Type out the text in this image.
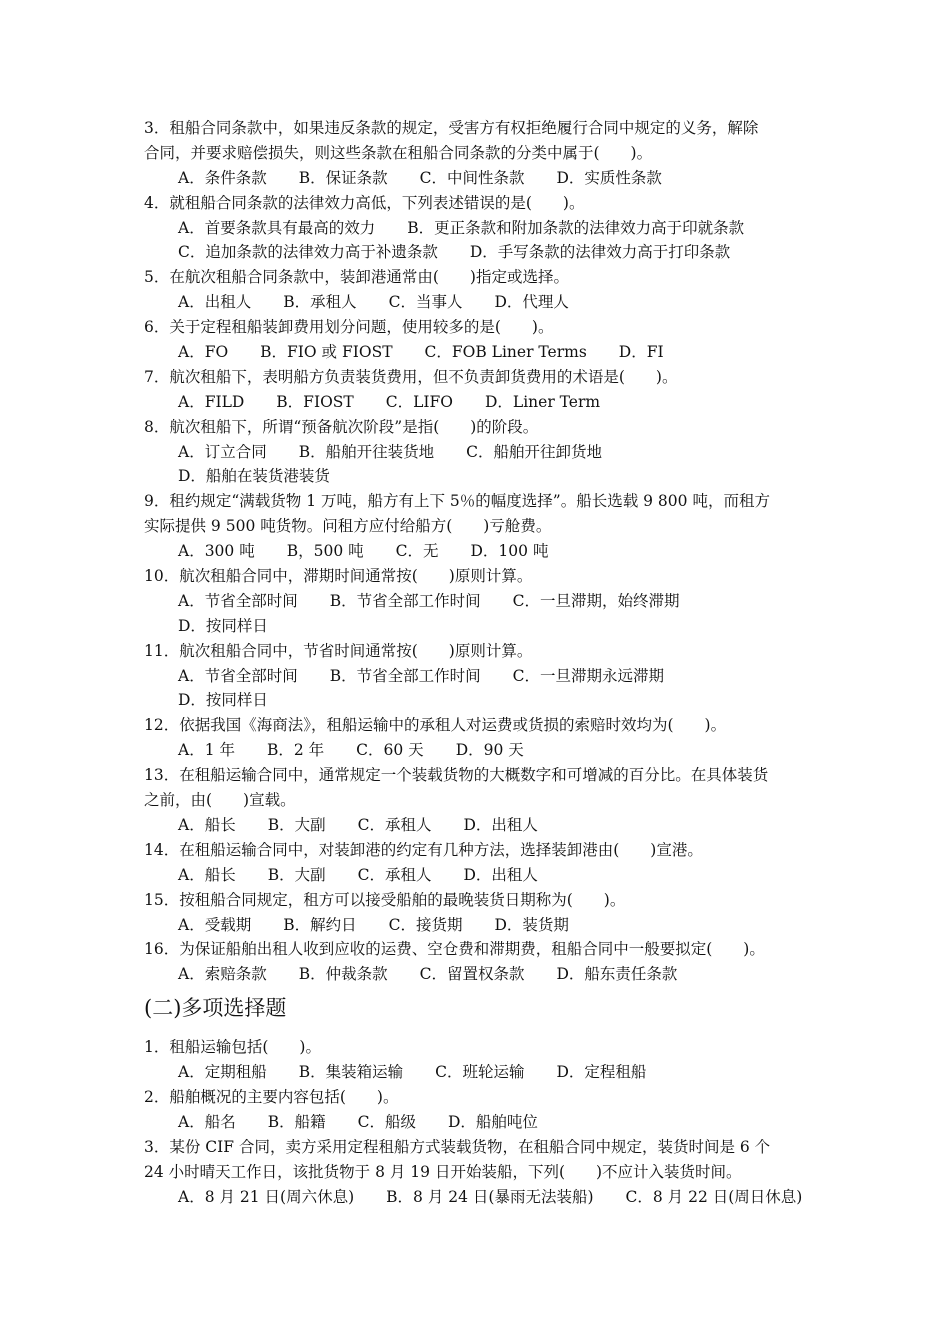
3．租船合同条款中，如果违反条款的规定，受害方有权拒绝履行合同中规定的义务，解除
合同，并要求赔偿损失，则这些条款在租船合同条款的分类中属于(　　)。
A．条件条款 B．保证条款 C．中间性条款 D．实质性条款
4．就租船合同条款的法律效力高低，下列表述错误的是(　　)。
A．首要条款具有最高的效力 B．更正条款和附加条款的法律效力高于印就条款
C．追加条款的法律效力高于补遗条款 D．手写条款的法律效力高于打印条款
5．在航次租船合同条款中，装卸港通常由(　　)指定或选择。
A．出租人 B．承租人 C．当事人 D．代理人
6．关于定程租船装卸费用划分问题，使用较多的是(　　)。
A．FO B．FIO 或 FIOST C．FOB Liner Terms D．FI
7．航次租船下，表明船方负责装货费用，但不负责卸货费用的术语是(　　)。
A．FILD B．FIOST C．LIFO D．Liner Term
8．航次租船下，所谓“预备航次阶段”是指(　　)的阶段。
A．订立合同 B．船舶开往装货地 C．船舶开往卸货地
D．船舶在装货港装货
9．租约规定“满载货物 1 万吨，船方有上下 5％的幅度选择”。船长选载 9 800 吨，而租方
实际提供 9 500 吨货物。问租方应付给船方(　　)亏舱费。
A．300 吨 B，500 吨 C．无 D．100 吨
10．航次租船合同中，滞期时间通常按(　　)原则计算。
A．节省全部时间 B．节省全部工作时间 C．一旦滞期，始终滞期
D．按同样日
11．航次租船合同中，节省时间通常按(　　)原则计算。
A．节省全部时间 B．节省全部工作时间 C．一旦滞期永远滞期
D．按同样日
12．依据我国《海商法》，租船运输中的承租人对运费或货损的索赔时效均为(　　)。
A．1 年 B．2 年 C．60 天 D．90 天
13．在租船运输合同中，通常规定一个装载货物的大概数字和可增减的百分比。在具体装货
之前，由(　　)宣载。
A．船长 B．大副 C．承租人 D．出租人
14．在租船运输合同中，对装卸港的约定有几种方法，选择装卸港由(　　)宣港。
A．船长 B．大副 C．承租人 D．出租人
15．按租船合同规定，租方可以接受船舶的最晚装货日期称为(　　)。
A．受载期 B．解约日 C．接货期 D．装货期
16．为保证船舶出租人收到应收的运费、空仓费和滞期费，租船合同中一般要拟定(　　)。
A．索赔条款 B．仲裁条款 C．留置权条款 D．船东责任条款
(二)多项选择题
1．租船运输包括(　　)。
A．定期租船 B．集装箱运输 C．班轮运输 D．定程租船
2．船舶概况的主要内容包括(　　)。
A．船名 B．船籍 C．船级 D．船舶吨位
3．某份 CIF 合同，卖方采用定程租船方式装载货物，在租船合同中规定，装货时间是 6 个
24 小时晴天工作日，该批货物于 8 月 19 日开始装船，下列(　　)不应计入装货时间。
A．8 月 21 日(周六休息) B．8 月 24 日(暴雨无法装船) C．8 月 22 日(周日休息)
